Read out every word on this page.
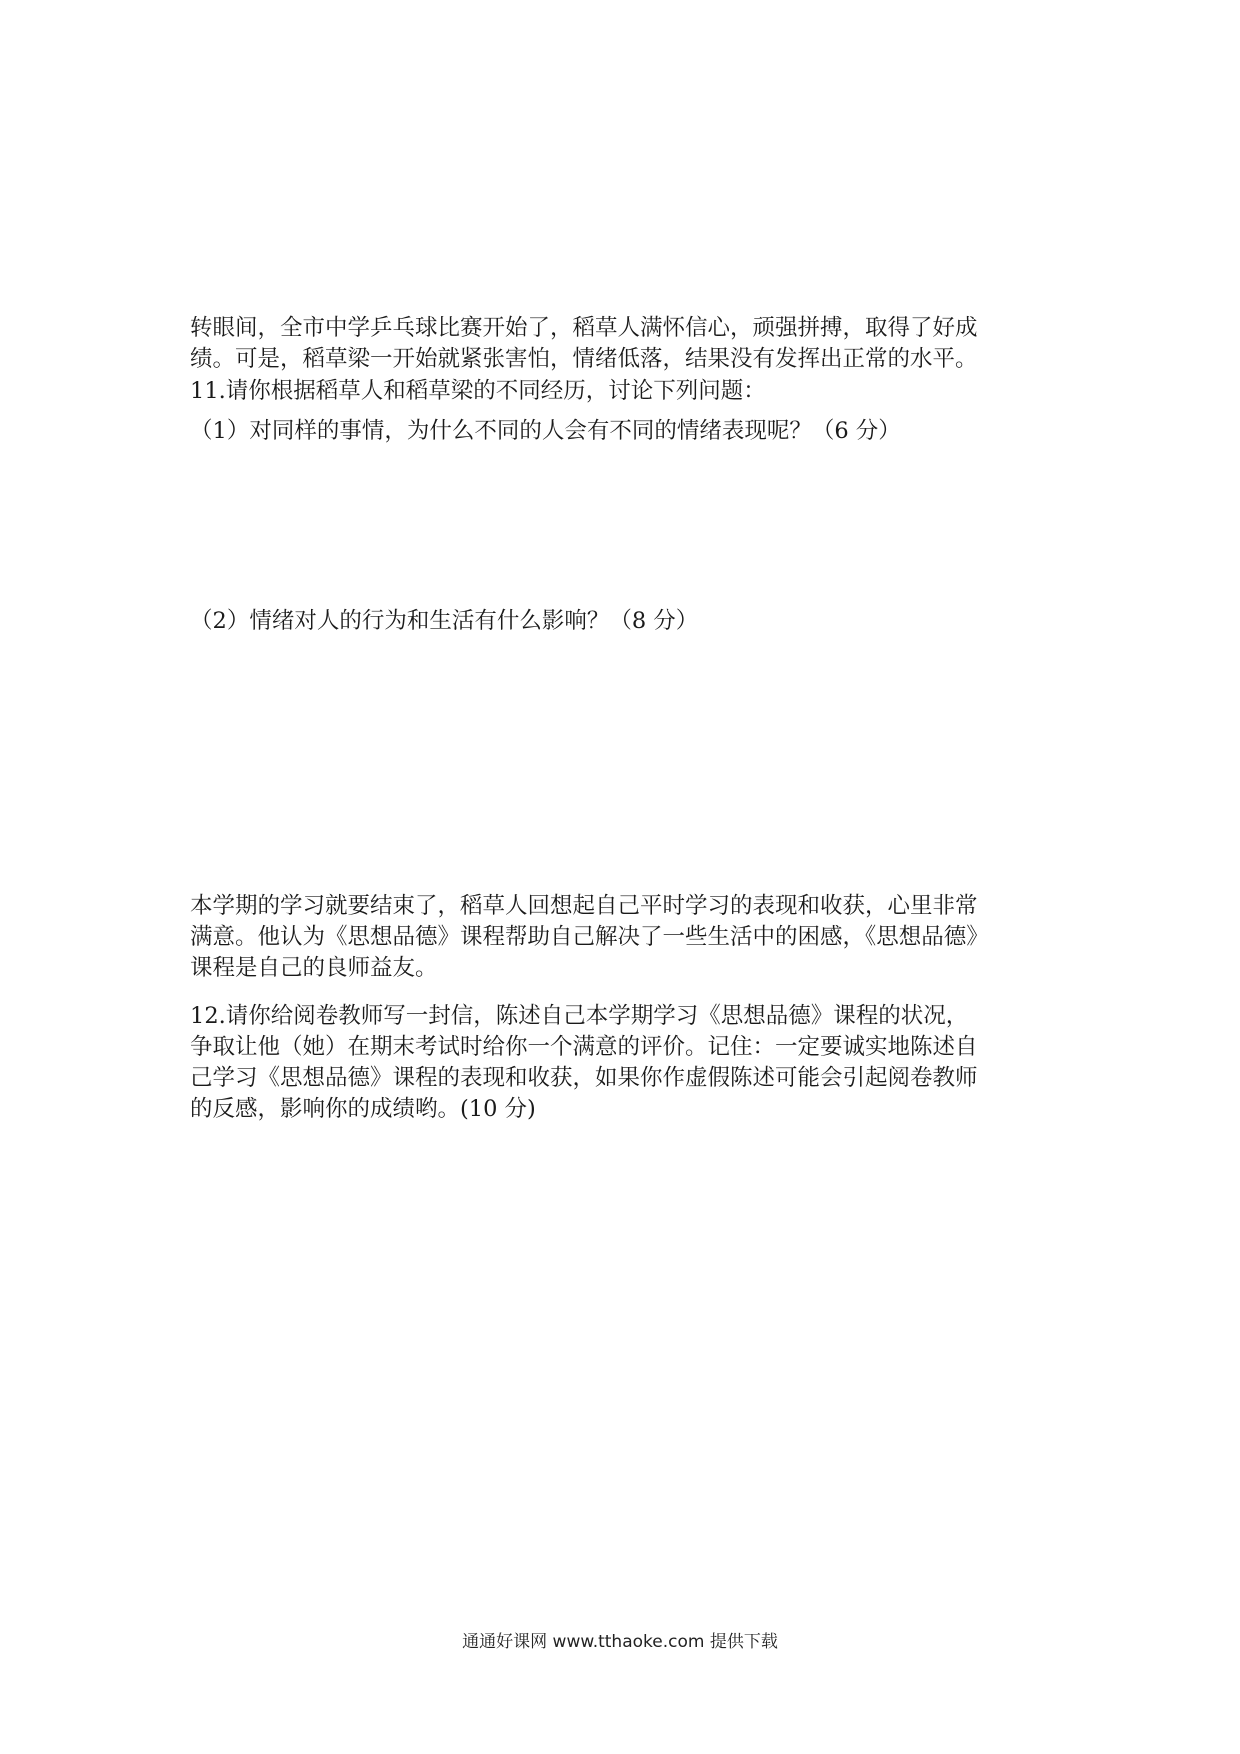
转眼间，全市中学乒乓球比赛开始了，稻草人满怀信心，顽强拼搏，取得了好成
绩。可是，稻草梁一开始就紧张害怕，情绪低落，结果没有发挥出正常的水平。
11.请你根据稻草人和稻草梁的不同经历，讨论下列问题：
（1）对同样的事情，为什么不同的人会有不同的情绪表现呢？（6 分）
（2）情绪对人的行为和生活有什么影响？（8 分）
本学期的学习就要结束了，稻草人回想起自己平时学习的表现和收获，心里非常
满意。他认为《思想品德》课程帮助自己解决了一些生活中的困感，《思想品德》
课程是自己的良师益友。
12.请你给阅卷教师写一封信，陈述自己本学期学习《思想品德》课程的状况，
争取让他（她）在期末考试时给你一个满意的评价。记住：一定要诚实地陈述自
己学习《思想品德》课程的表现和收获，如果你作虚假陈述可能会引起阅卷教师
的反感，影响你的成绩哟。(10 分)
通通好课网 www.tthaoke.com 提供下载
